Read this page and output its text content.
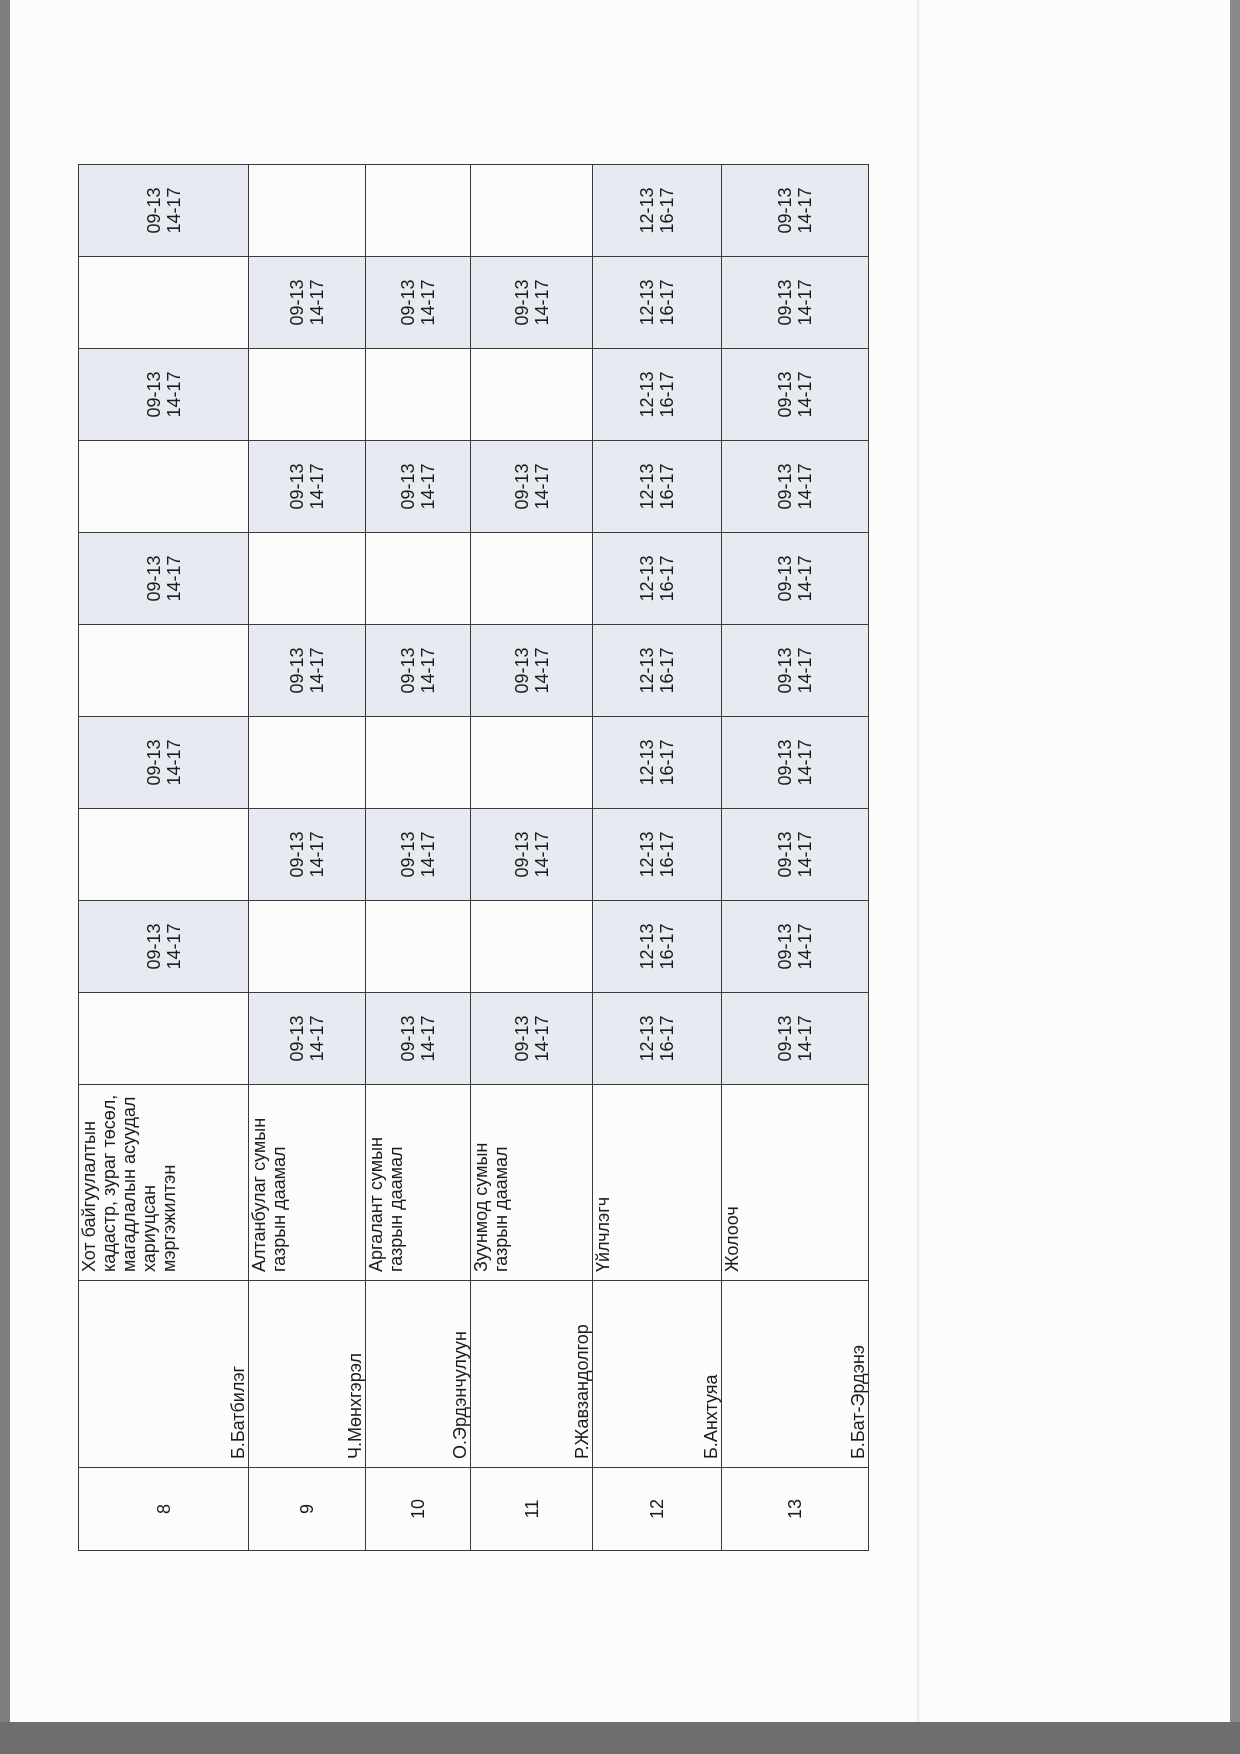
8	Б.Батбилэг	Хот байгуулалтын кадастр, зураг төсөл, магадлалын асуудал хариуцсан мэргэжилтэн		09-13 14-17		09-13 14-17		09-13 14-17		09-13 14-17		09-13 14-17

9	Ч.Мөнхгэрэл	Алтанбулаг сумын газрын даамал	09-13 14-17		09-13 14-17		09-13 14-17		09-13 14-17		09-13 14-17	

10	О.Эрдэнчулуун	Аргалант сумын газрын даамал	09-13 14-17		09-13 14-17		09-13 14-17		09-13 14-17		09-13 14-17	

11	Р.Жавзандолгор	Зуунмод сумын газрын даамал	09-13 14-17		09-13 14-17		09-13 14-17		09-13 14-17		09-13 14-17	

12	Б.Анхтуяа	Үйлчлэгч	12-13 16-17	12-13 16-17	12-13 16-17	12-13 16-17	12-13 16-17	12-13 16-17	12-13 16-17	12-13 16-17	12-13 16-17	12-13 16-17

13	Б.Бат-Эрдэнэ	Жолооч	09-13 14-17	09-13 14-17	09-13 14-17	09-13 14-17	09-13 14-17	09-13 14-17	09-13 14-17	09-13 14-17	09-13 14-17	09-13 14-17
